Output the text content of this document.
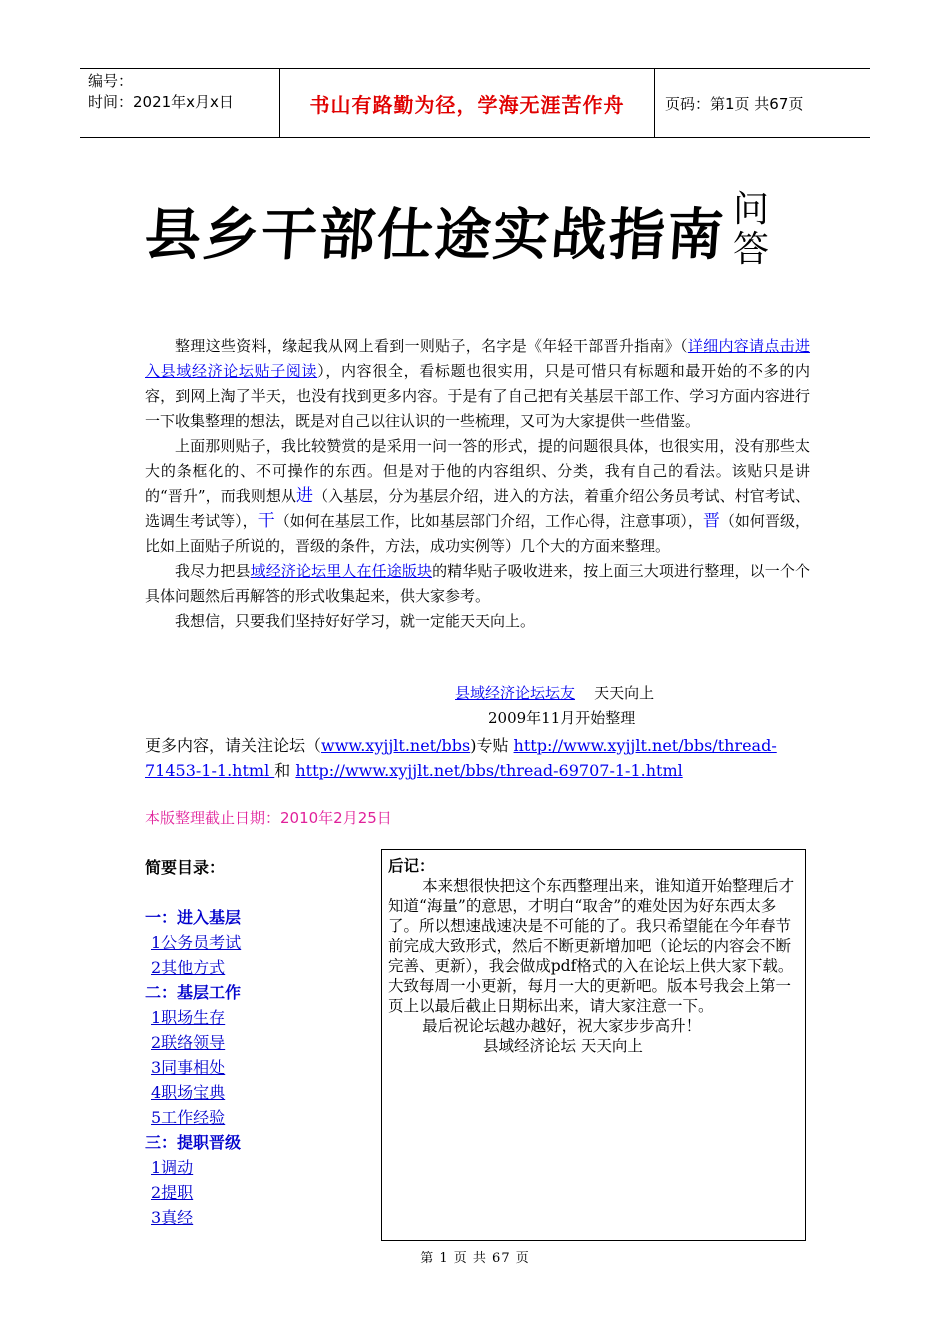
编号：
时间：2021年x月x日	书山有路勤为径，学海无涯苦作舟	页码：第1页 共67页
县乡干部仕途实战指南 问
答

整理这些资料，缘起我从网上看到一则贴子，名字是《年轻干部晋升指南》（详细内容请点击进入县域经济论坛贴子阅读），内容很全，看标题也很实用，只是可惜只有标题和最开始的不多的内容，到网上淘了半天，也没有找到更多内容。于是有了自己把有关基层干部工作、学习方面内容进行一下收集整理的想法，既是对自己以往认识的一些梳理，又可为大家提供一些借鉴。

上面那则贴子，我比较赞赏的是采用一问一答的形式，提的问题很具体，也很实用，没有那些太大的条框化的、不可操作的东西。但是对于他的内容组织、分类，我有自己的看法。该贴只是讲的“晋升”，而我则想从进（入基层，分为基层介绍，进入的方法，着重介绍公务员考试、村官考试、选调生考试等），干（如何在基层工作，比如基层部门介绍，工作心得，注意事项），晋（如何晋级，比如上面贴子所说的，晋级的条件，方法，成功实例等）几个大的方面来整理。

我尽力把县域经济论坛里人在任途版块的精华贴子吸收进来，按上面三大项进行整理，以一个个具体问题然后再解答的形式收集起来，供大家参考。

我想信，只要我们坚持好好学习，就一定能天天向上。

县域经济论坛坛友 天天向上
2009年11月开始整理
更多内容，请关注论坛（www.xyjjlt.net/bbs)专贴 http://www.xyjjlt.net/bbs/thread-71453-1-1.html 和 http://www.xyjjlt.net/bbs/thread-69707-1-1.html
本版整理截止日期：2010年2月25日
简要目录：
一：进入基层
1公务员考试
2其他方式
二：基层工作
1职场生存
2联络领导
3同事相处
4职场宝典
5工作经验
三：提职晋级
1调动
2提职
3真经
后记：

本来想很快把这个东西整理出来，谁知道开始整理后才知道“海量”的意思，才明白“取舍”的难处因为好东西太多了。所以想速战速决是不可能的了。我只希望能在今年春节前完成大致形式，然后不断更新增加吧（论坛的内容会不断完善、更新），我会做成pdf格式的入在论坛上供大家下载。大致每周一小更新，每月一大的更新吧。版本号我会上第一页上以最后截止日期标出来，请大家注意一下。

最后祝论坛越办越好，祝大家步步高升！

县域经济论坛 天天向上
第 1 页 共 67 页
